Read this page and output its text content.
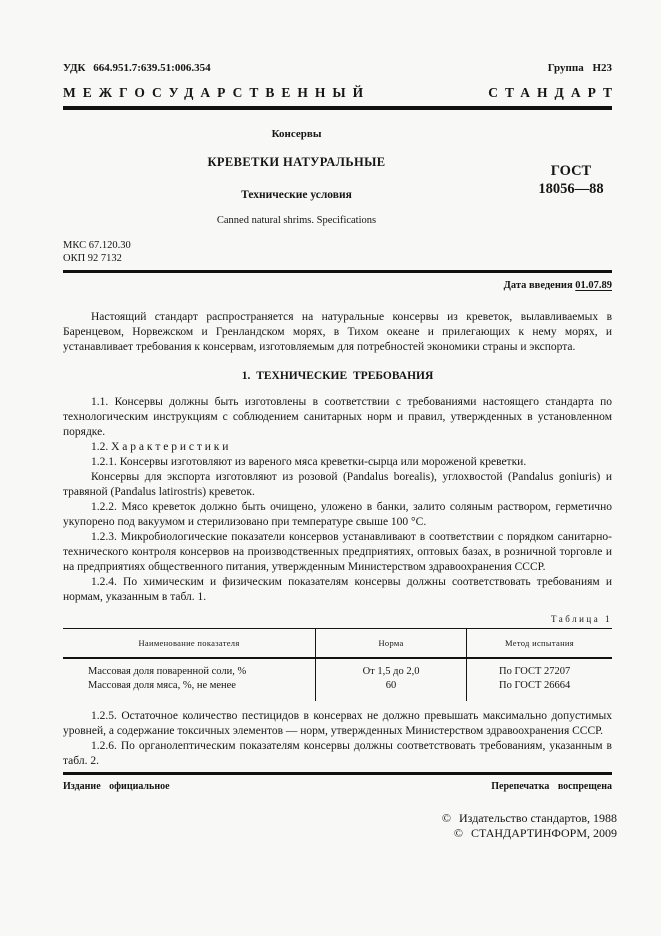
УДК 664.951.7:639.51:006.354	Группа Н23
МЕЖГОСУДАРСТВЕННЫЙ	СТАНДАРТ
Консервы
КРЕВЕТКИ НАТУРАЛЬНЫЕ
Технические условия
Canned natural shrims. Specifications
ГОСТ
18056—88
МКС 67.120.30
ОКП 92 7132
Дата введения 01.07.89

Настоящий стандарт распространяется на натуральные консервы из креветок, вылавливаемых в Баренцевом, Норвежском и Гренландском морях, в Тихом океане и прилегающих к нему морях, и устанавливает требования к консервам, изготовляемым для потребностей экономики страны и экспорта.

1. ТЕХНИЧЕСКИЕ ТРЕБОВАНИЯ

1.1. Консервы должны быть изготовлены в соответствии с требованиями настоящего стандарта по технологическим инструкциям с соблюдением санитарных норм и правил, утвержденных в установленном порядке.

1.2. Х а р а к т е р и с т и к и

1.2.1. Консервы изготовляют из вареного мяса креветки-сырца или мороженой креветки.

Консервы для экспорта изготовляют из розовой (Pandalus borealis), углохвостой (Pandalus goniuris) и травяной (Pandalus latirostris) креветок.

1.2.2. Мясо креветок должно быть очищено, уложено в банки, залито соляным раствором, герметично укупорено под вакуумом и стерилизовано при температуре свыше 100 °С.

1.2.3. Микробиологические показатели консервов устанавливают в соответствии с порядком санитарно-технического контроля консервов на производственных предприятиях, оптовых базах, в розничной торговле и на предприятиях общественного питания, утвержденным Министерством здравоохранения СССР.

1.2.4. По химическим и физическим показателям консервы должны соответствовать требованиям и нормам, указанным в табл. 1.

Таблица 1
Наименование показателя	Норма	Метод испытания
Массовая доля поваренной соли, %	От 1,5 до 2,0	По ГОСТ 27207
Массовая доля мяса, %, не менее	60	По ГОСТ 26664

1.2.5. Остаточное количество пестицидов в консервах не должно превышать максимально допустимых уровней, а содержание токсичных элементов — норм, утвержденных Министерством здравоохранения СССР.

1.2.6. По органолептическим показателям консервы должны соответствовать требованиям, указанным в табл. 2.

Издание официальное	Перепечатка воспрещена
© Издательство стандартов, 1988
© СТАНДАРТИНФОРМ, 2009
